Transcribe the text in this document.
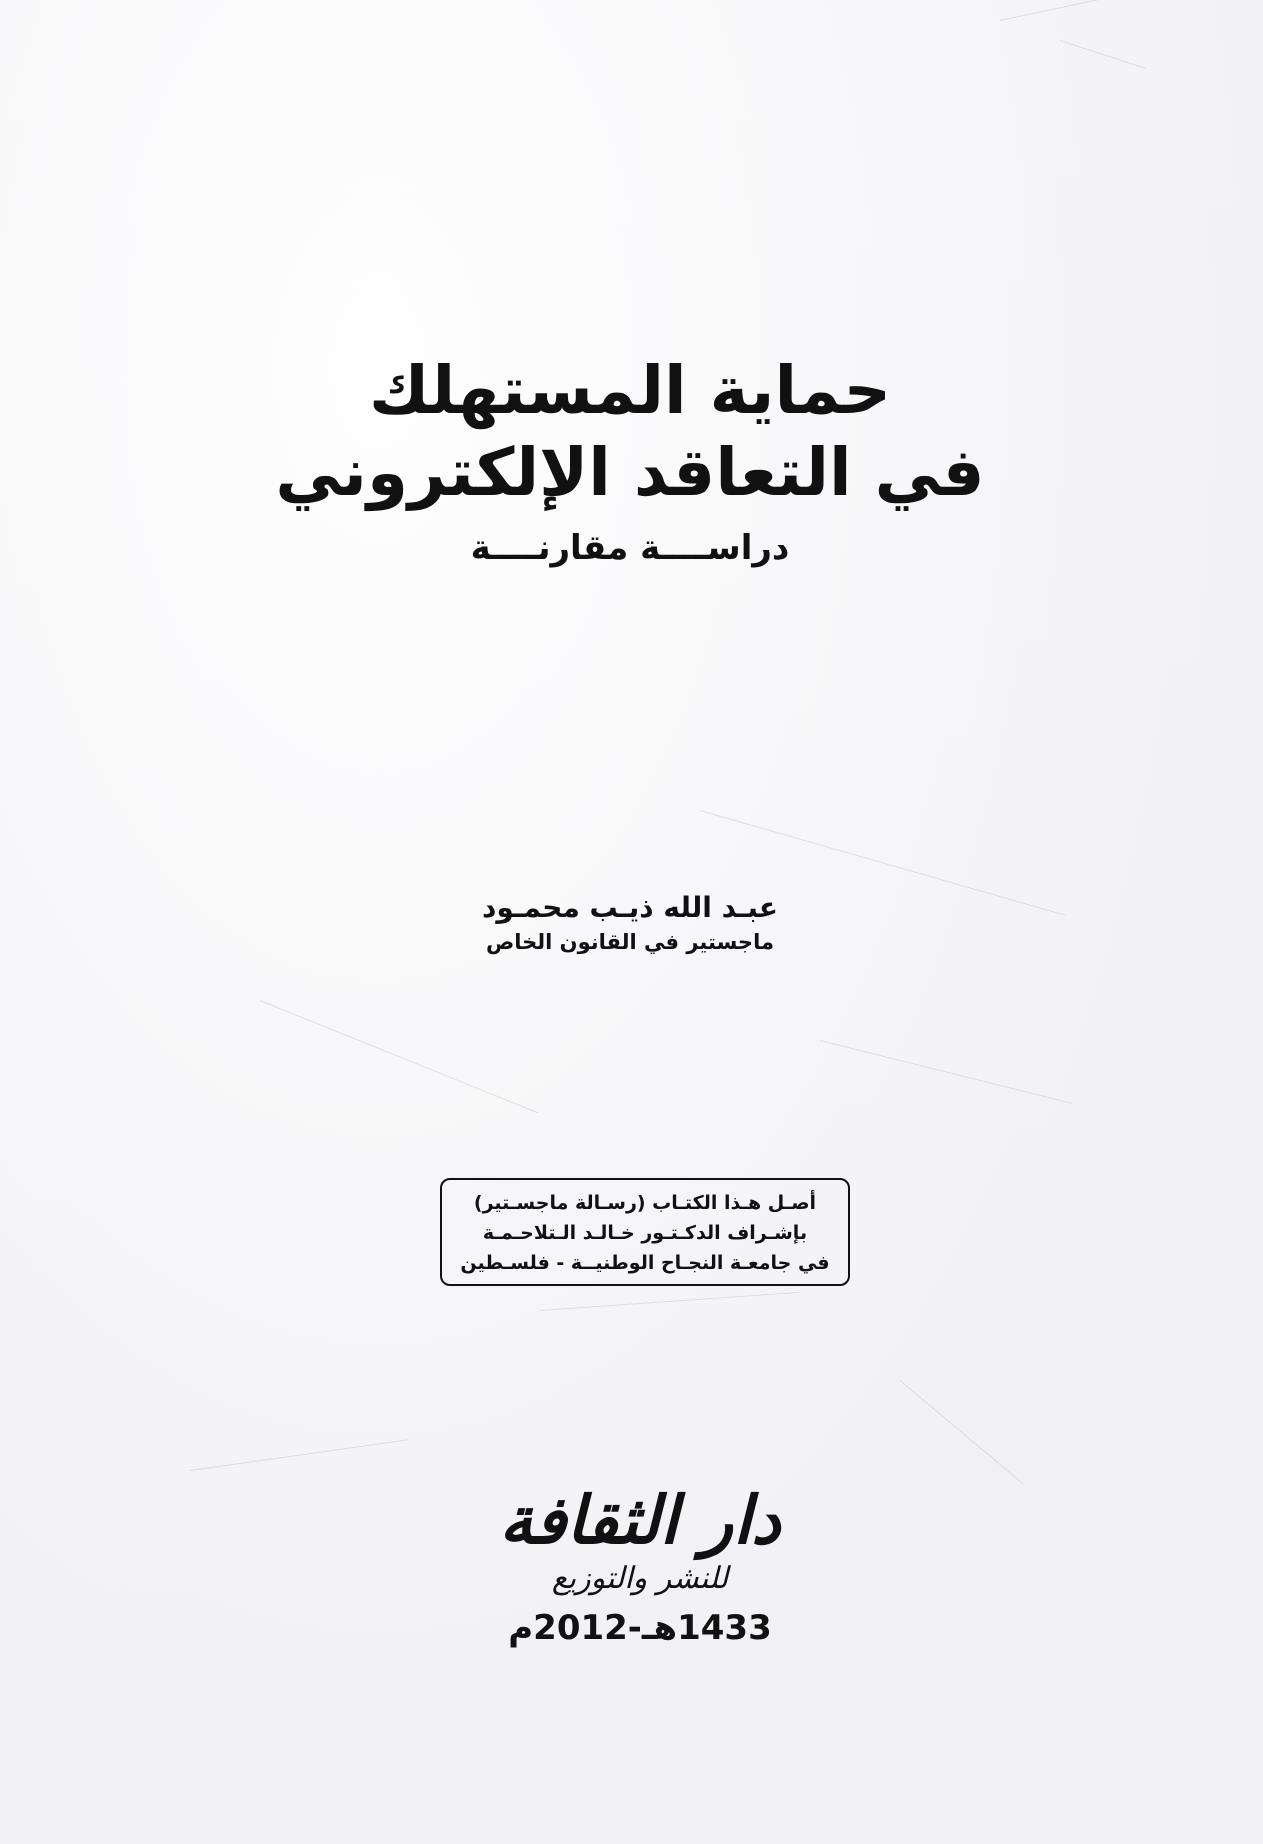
حماية المستهلك
في التعاقد الإلكتروني
دراســــة مقارنــــة
عبـد الله ذيـب محمـود
ماجستير في القانون الخاص
أصـل هـذا الكتـاب (رسـالة ماجسـتير)
بإشـراف الدكـتـور خـالـد الـتلاحـمـة
في جامعـة النجـاح الوطنيــة - فلسـطين
دار الثقافة
للنشر والتوزيع
1433هـ-2012م
